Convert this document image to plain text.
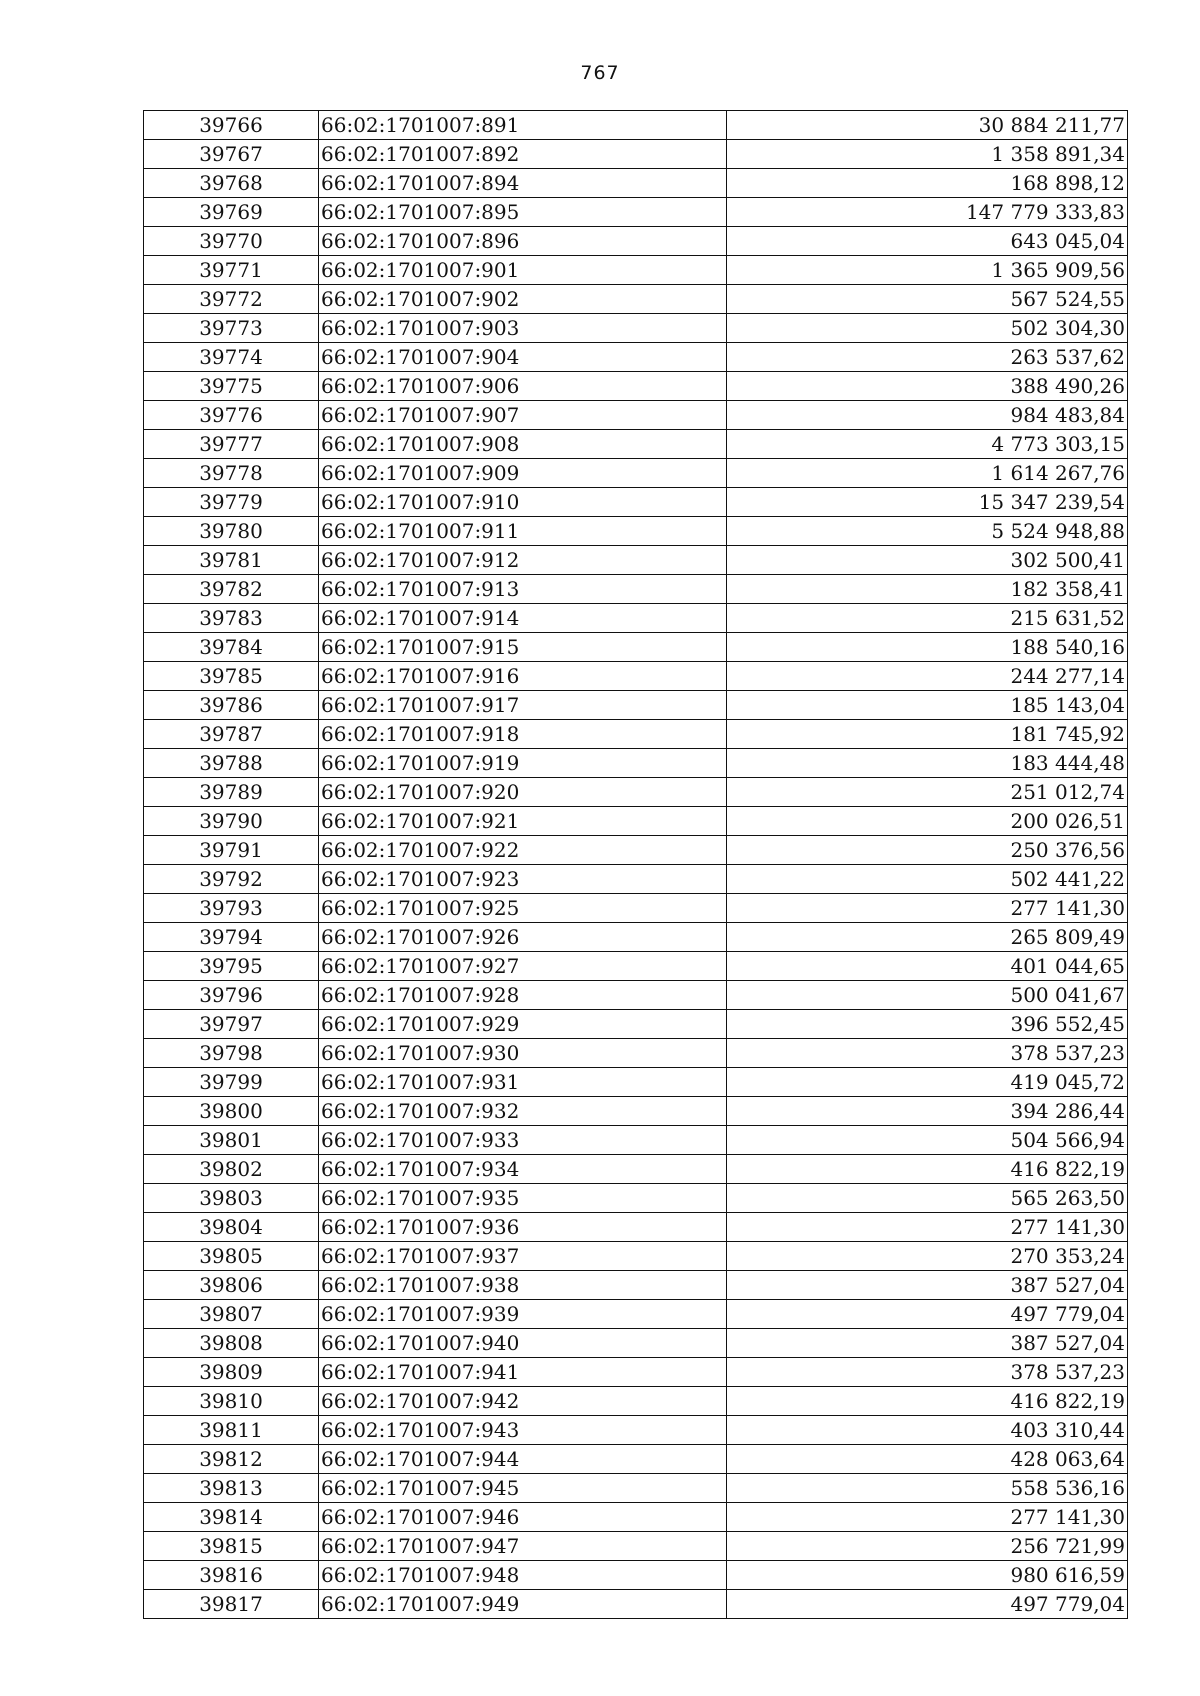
767
39766	66:02:1701007:891	30 884 211,77
39767	66:02:1701007:892	1 358 891,34
39768	66:02:1701007:894	168 898,12
39769	66:02:1701007:895	147 779 333,83
39770	66:02:1701007:896	643 045,04
39771	66:02:1701007:901	1 365 909,56
39772	66:02:1701007:902	567 524,55
39773	66:02:1701007:903	502 304,30
39774	66:02:1701007:904	263 537,62
39775	66:02:1701007:906	388 490,26
39776	66:02:1701007:907	984 483,84
39777	66:02:1701007:908	4 773 303,15
39778	66:02:1701007:909	1 614 267,76
39779	66:02:1701007:910	15 347 239,54
39780	66:02:1701007:911	5 524 948,88
39781	66:02:1701007:912	302 500,41
39782	66:02:1701007:913	182 358,41
39783	66:02:1701007:914	215 631,52
39784	66:02:1701007:915	188 540,16
39785	66:02:1701007:916	244 277,14
39786	66:02:1701007:917	185 143,04
39787	66:02:1701007:918	181 745,92
39788	66:02:1701007:919	183 444,48
39789	66:02:1701007:920	251 012,74
39790	66:02:1701007:921	200 026,51
39791	66:02:1701007:922	250 376,56
39792	66:02:1701007:923	502 441,22
39793	66:02:1701007:925	277 141,30
39794	66:02:1701007:926	265 809,49
39795	66:02:1701007:927	401 044,65
39796	66:02:1701007:928	500 041,67
39797	66:02:1701007:929	396 552,45
39798	66:02:1701007:930	378 537,23
39799	66:02:1701007:931	419 045,72
39800	66:02:1701007:932	394 286,44
39801	66:02:1701007:933	504 566,94
39802	66:02:1701007:934	416 822,19
39803	66:02:1701007:935	565 263,50
39804	66:02:1701007:936	277 141,30
39805	66:02:1701007:937	270 353,24
39806	66:02:1701007:938	387 527,04
39807	66:02:1701007:939	497 779,04
39808	66:02:1701007:940	387 527,04
39809	66:02:1701007:941	378 537,23
39810	66:02:1701007:942	416 822,19
39811	66:02:1701007:943	403 310,44
39812	66:02:1701007:944	428 063,64
39813	66:02:1701007:945	558 536,16
39814	66:02:1701007:946	277 141,30
39815	66:02:1701007:947	256 721,99
39816	66:02:1701007:948	980 616,59
39817	66:02:1701007:949	497 779,04
